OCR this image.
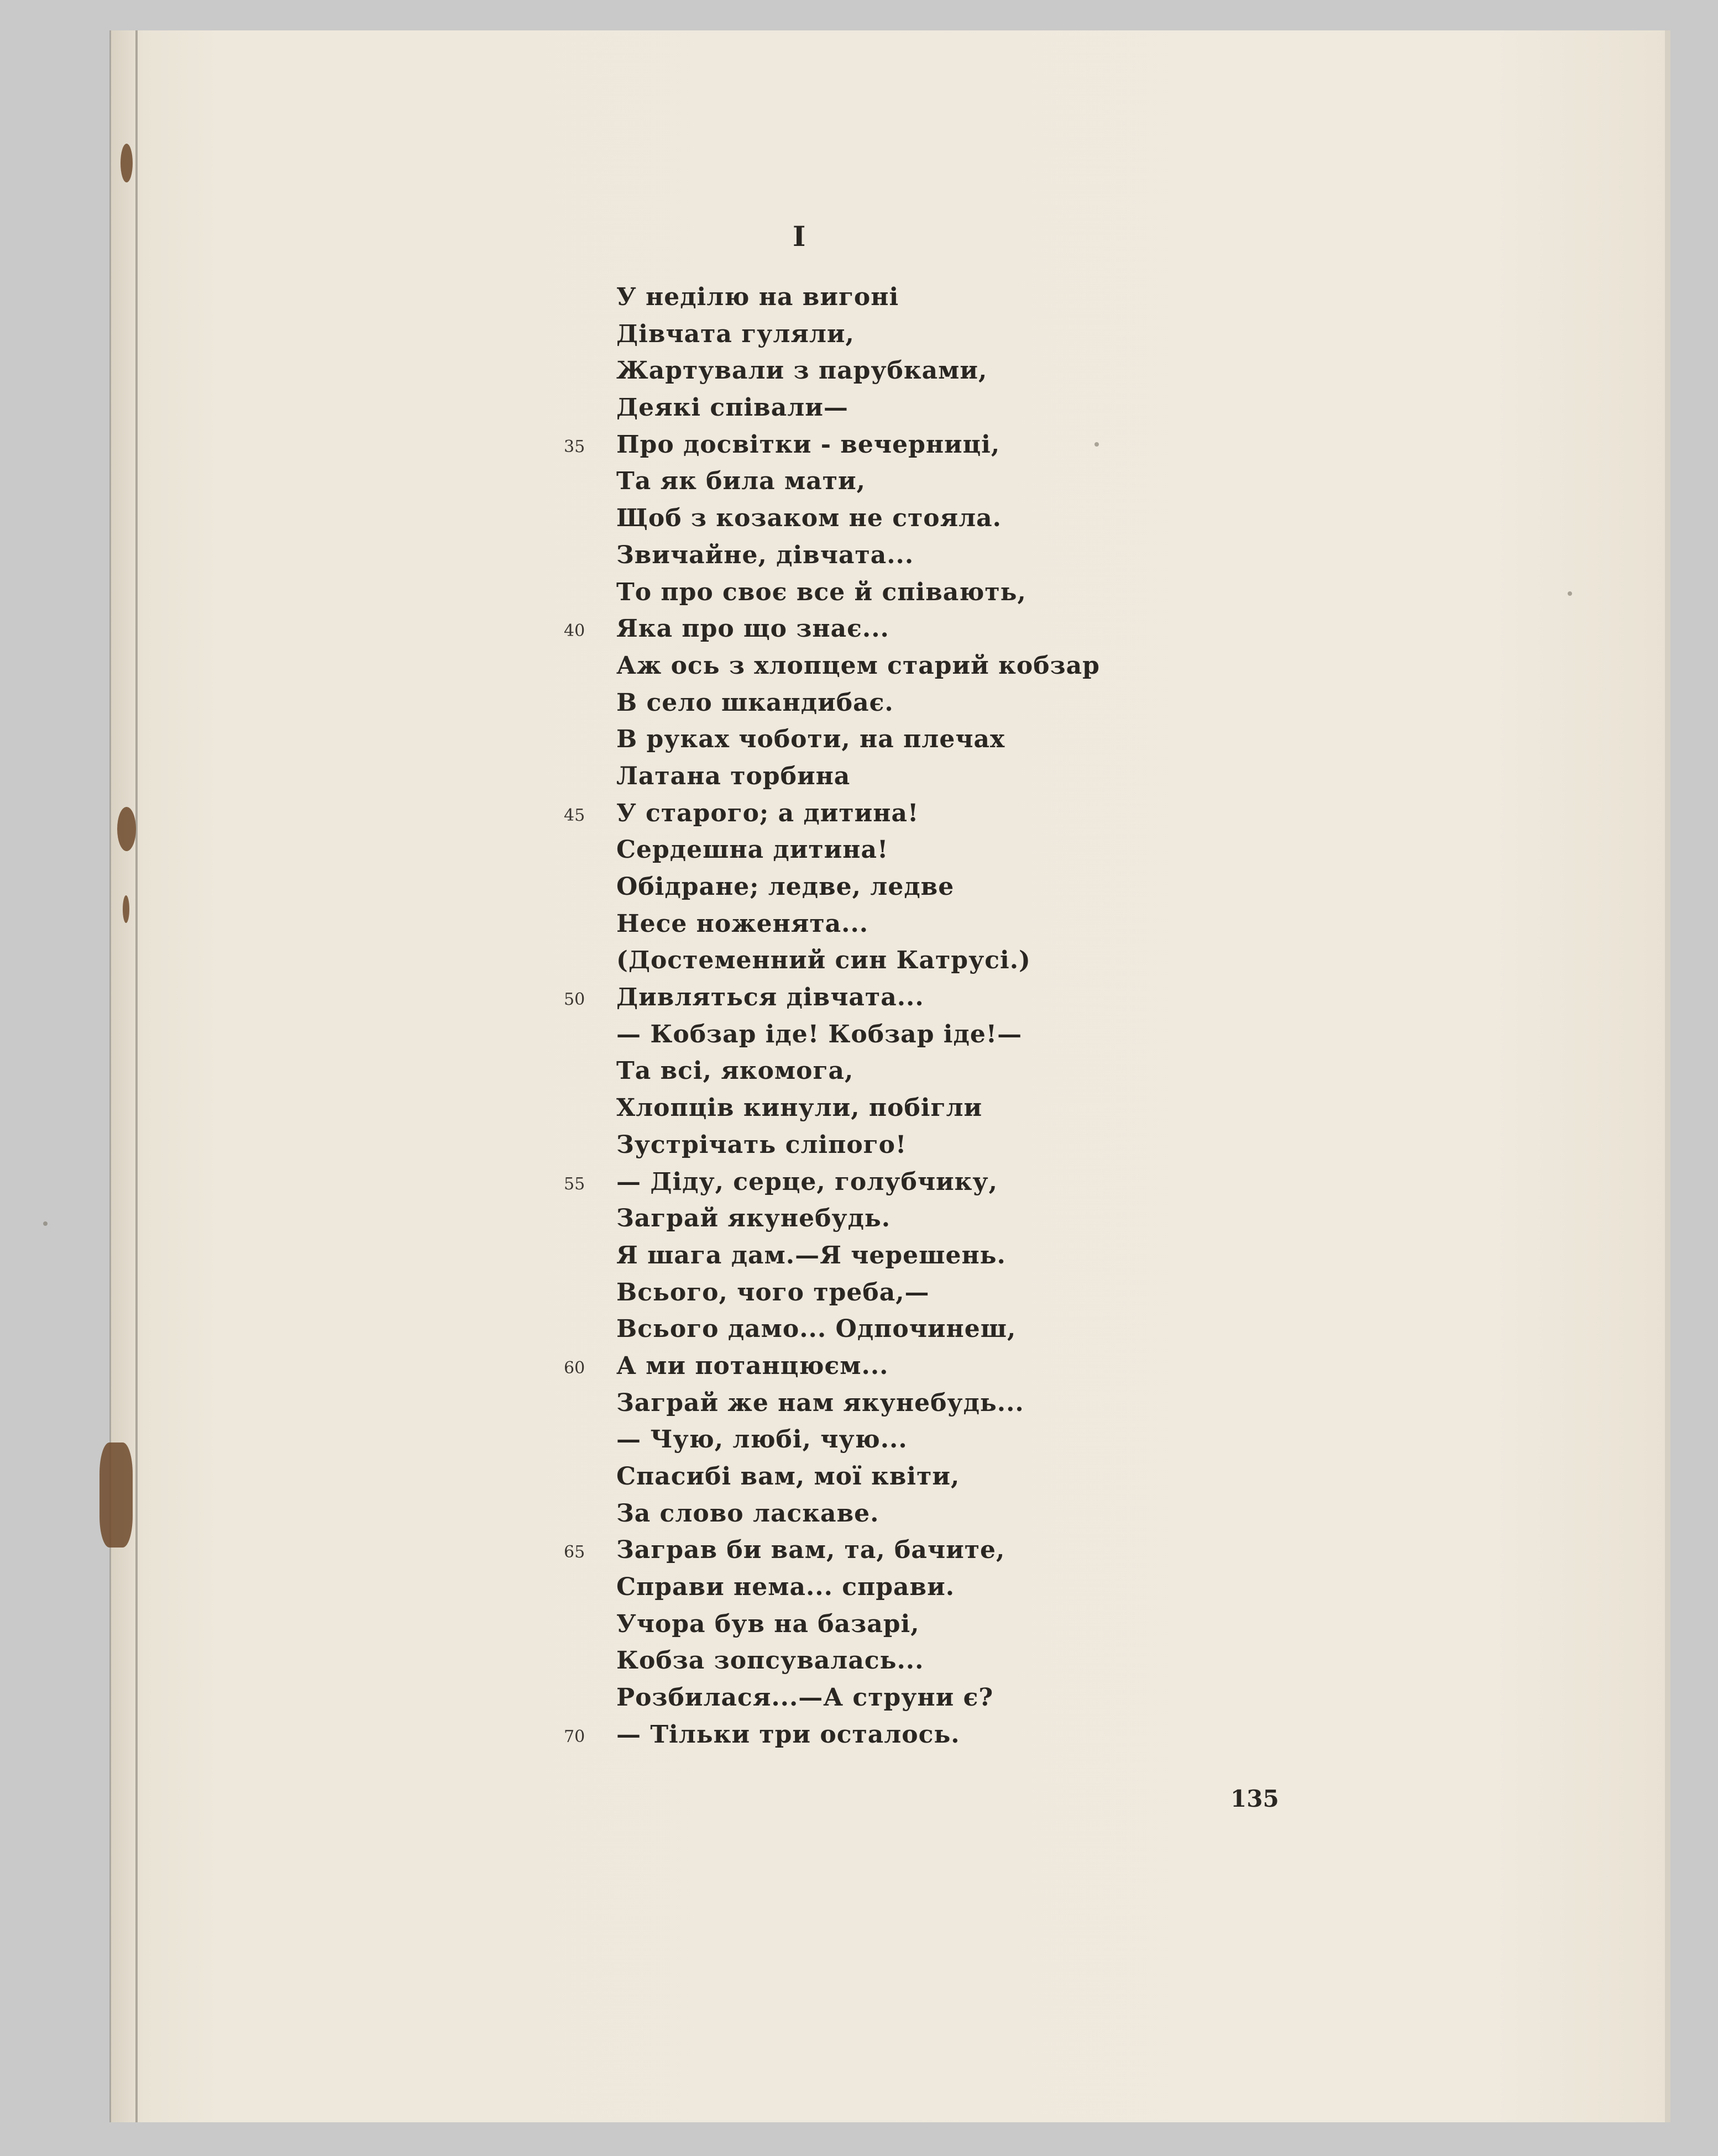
I
У неділю на вигоні
Дівчата гуляли,
Жартували з парубками,
Деякі співали—
35	Про досвітки - вечерниці,
Та як била мати,
Щоб з козаком не стояла.
Звичайне, дівчата...
То про своє все й співають,
40	Яка про що знає...
Аж ось з хлопцем старий кобзар
В село шкандибає.
В руках чоботи, на плечах
Латана торбина
45	У старого; а дитина!
Сердешна дитина!
Обідране; ледве, ледве
Несе ноженята...
(Достеменний син Катрусі.)
50	Дивляться дівчата...
— Кобзар іде! Кобзар іде!—
Та всі, якомога,
Хлопців кинули, побігли
Зустрічать сліпого!
55	— Діду, серце, голубчику,
Заграй якунебудь.
Я шага дам.—Я черешень.
Всього, чого треба,—
Всього дамо... Одпочинеш,
60	А ми потанцюєм...
Заграй же нам якунебудь...
— Чую, любі, чую...
Спасибі вам, мої квіти,
За слово ласкаве.
65	Заграв би вам, та, бачите,
Справи нема... справи.
Учора був на базарі,
Кобза зопсувалась...
Розбилася...—А струни є?
70	— Тільки три осталось.
135
